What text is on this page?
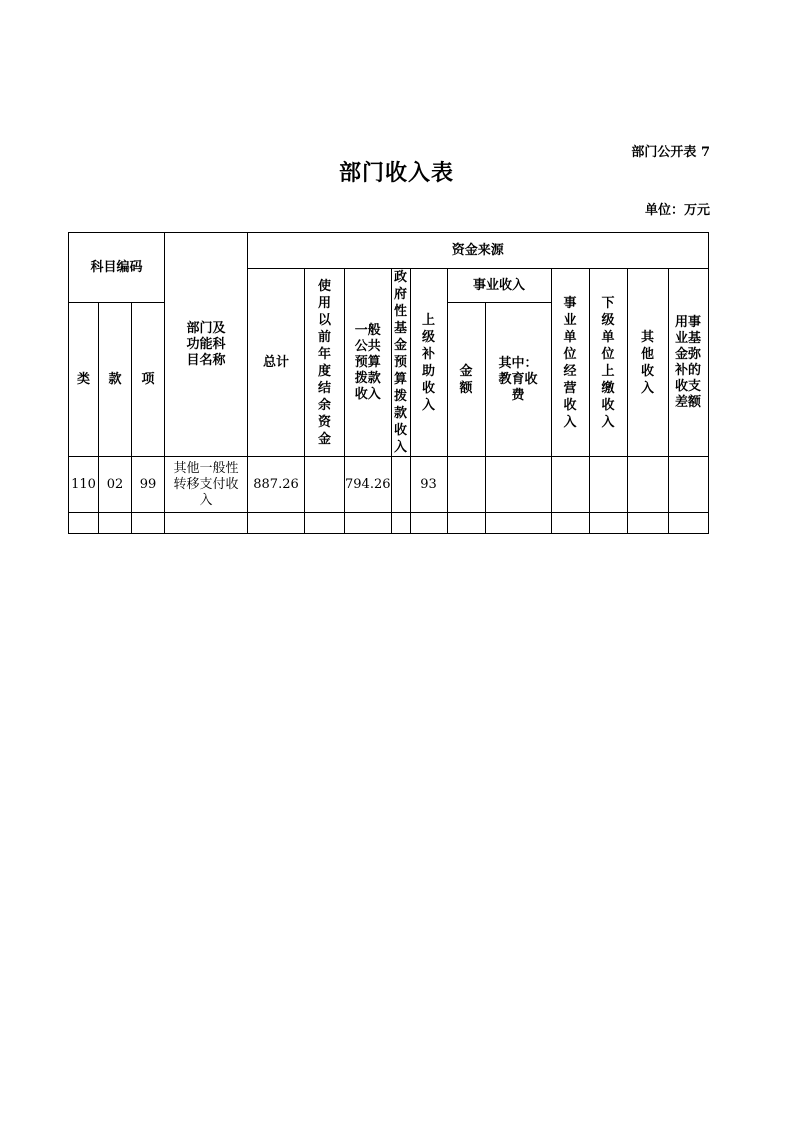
部门公开表 7
部门收入表
单位：万元
科目编码			部门及功能科目名称	资金来源										
				总计	使用以前年度结余资金	一般公共预算拨款收入	政府性基金预算拨款收入	上级补助收入	事业收入		事业单位经营收入	下级单位上缴收入	其他收入	用事业基金弥补的收支差额
类	款	项							金额	其中：教育收费				
110	02	99	其他一般性转移支付收入	887.26		794.26		93						
